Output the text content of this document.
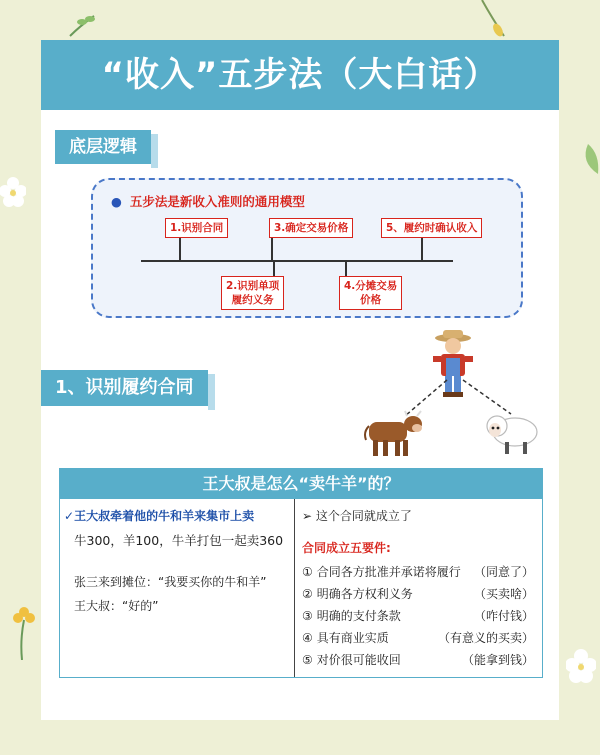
“收入”五步法（大白话）
底层逻辑
● 五步法是新收入准则的通用模型
1.识别合同	3.确定交易价格	5、履约时确认收入
2.识别单项
履约义务
4.分摊交易
价格
1、识别履约合同
王大叔是怎么“卖牛羊”的？
✓王大叔牵着他的牛和羊来集市上卖
牛300，羊100，牛羊打包一起卖360
张三来到摊位：“我要买你的牛和羊”
王大叔：“好的”
➢ 这个合同就成立了
合同成立五要件:
① 合同各方批准并承诺将履行 （同意了）
② 明确各方权利义务	（买卖啥）
③ 明确的支付条款	（咋付钱）
④ 具有商业实质	（有意义的买卖）
⑤ 对价很可能收回	（能拿到钱）
